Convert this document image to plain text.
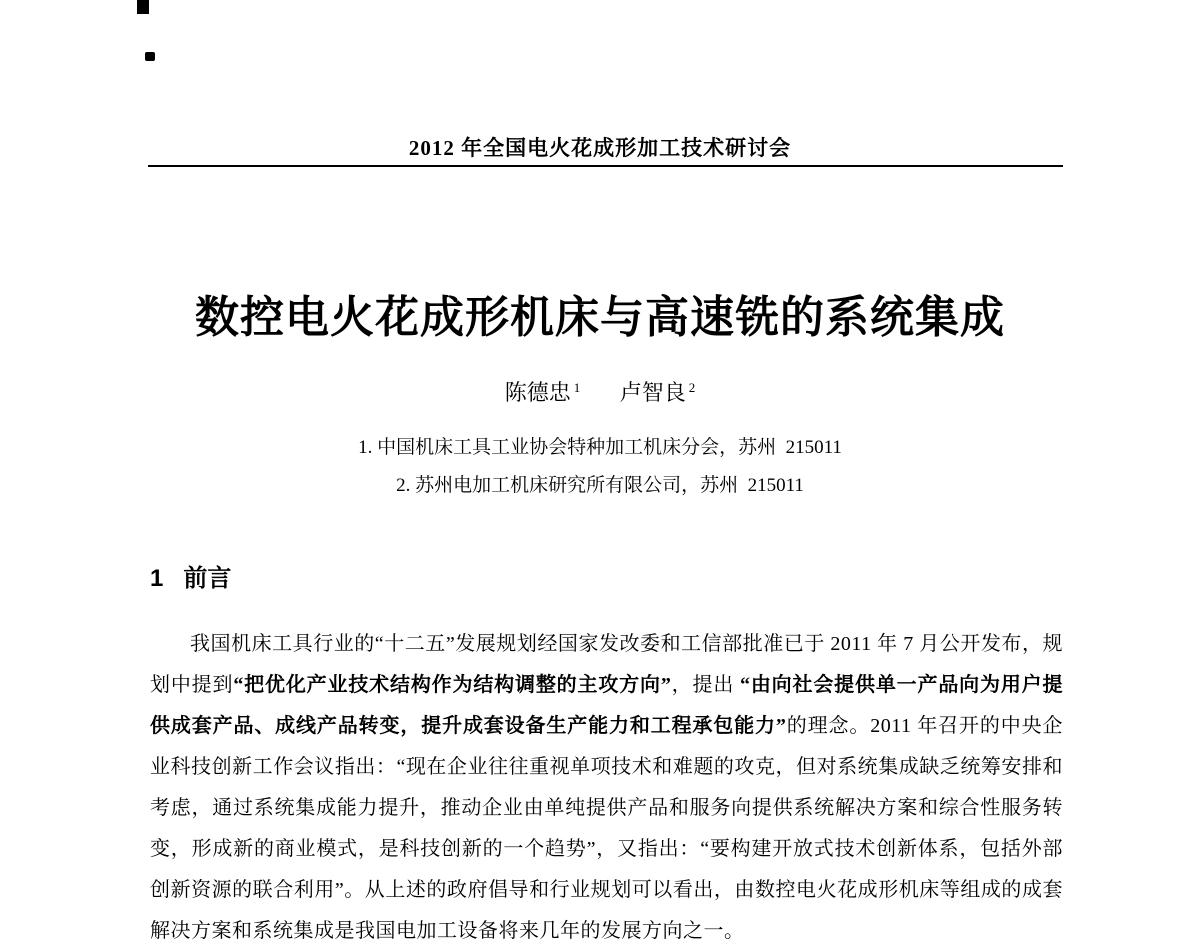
2012 年全国电火花成形加工技术研讨会
数控电火花成形机床与高速铣的系统集成
陈德忠 $^1$ 卢智良 $^2$
1. 中国机床工具工业协会特种加工机床分会，苏州  215011
2. 苏州电加工机床研究所有限公司，苏州  215011
1 前言
我国机床工具行业的“十二五”发展规划经国家发改委和工信部批准已于 2011 年 7 月公开发布，规划中提到“把优化产业技术结构作为结构调整的主攻方向”，提出 “由向社会提供单一产品向为用户提供成套产品、成线产品转变，提升成套设备生产能力和工程承包能力”的理念。2011 年召开的中央企业科技创新工作会议指出：“现在企业往往重视单项技术和难题的攻克，但对系统集成缺乏统筹安排和考虑，通过系统集成能力提升，推动企业由单纯提供产品和服务向提供系统解决方案和综合性服务转变，形成新的商业模式，是科技创新的一个趋势”，又指出：“要构建开放式技术创新体系，包括外部创新资源的联合利用”。从上述的政府倡导和行业规划可以看出，由数控电火花成形机床等组成的成套解决方案和系统集成是我国电加工设备将来几年的发展方向之一。
